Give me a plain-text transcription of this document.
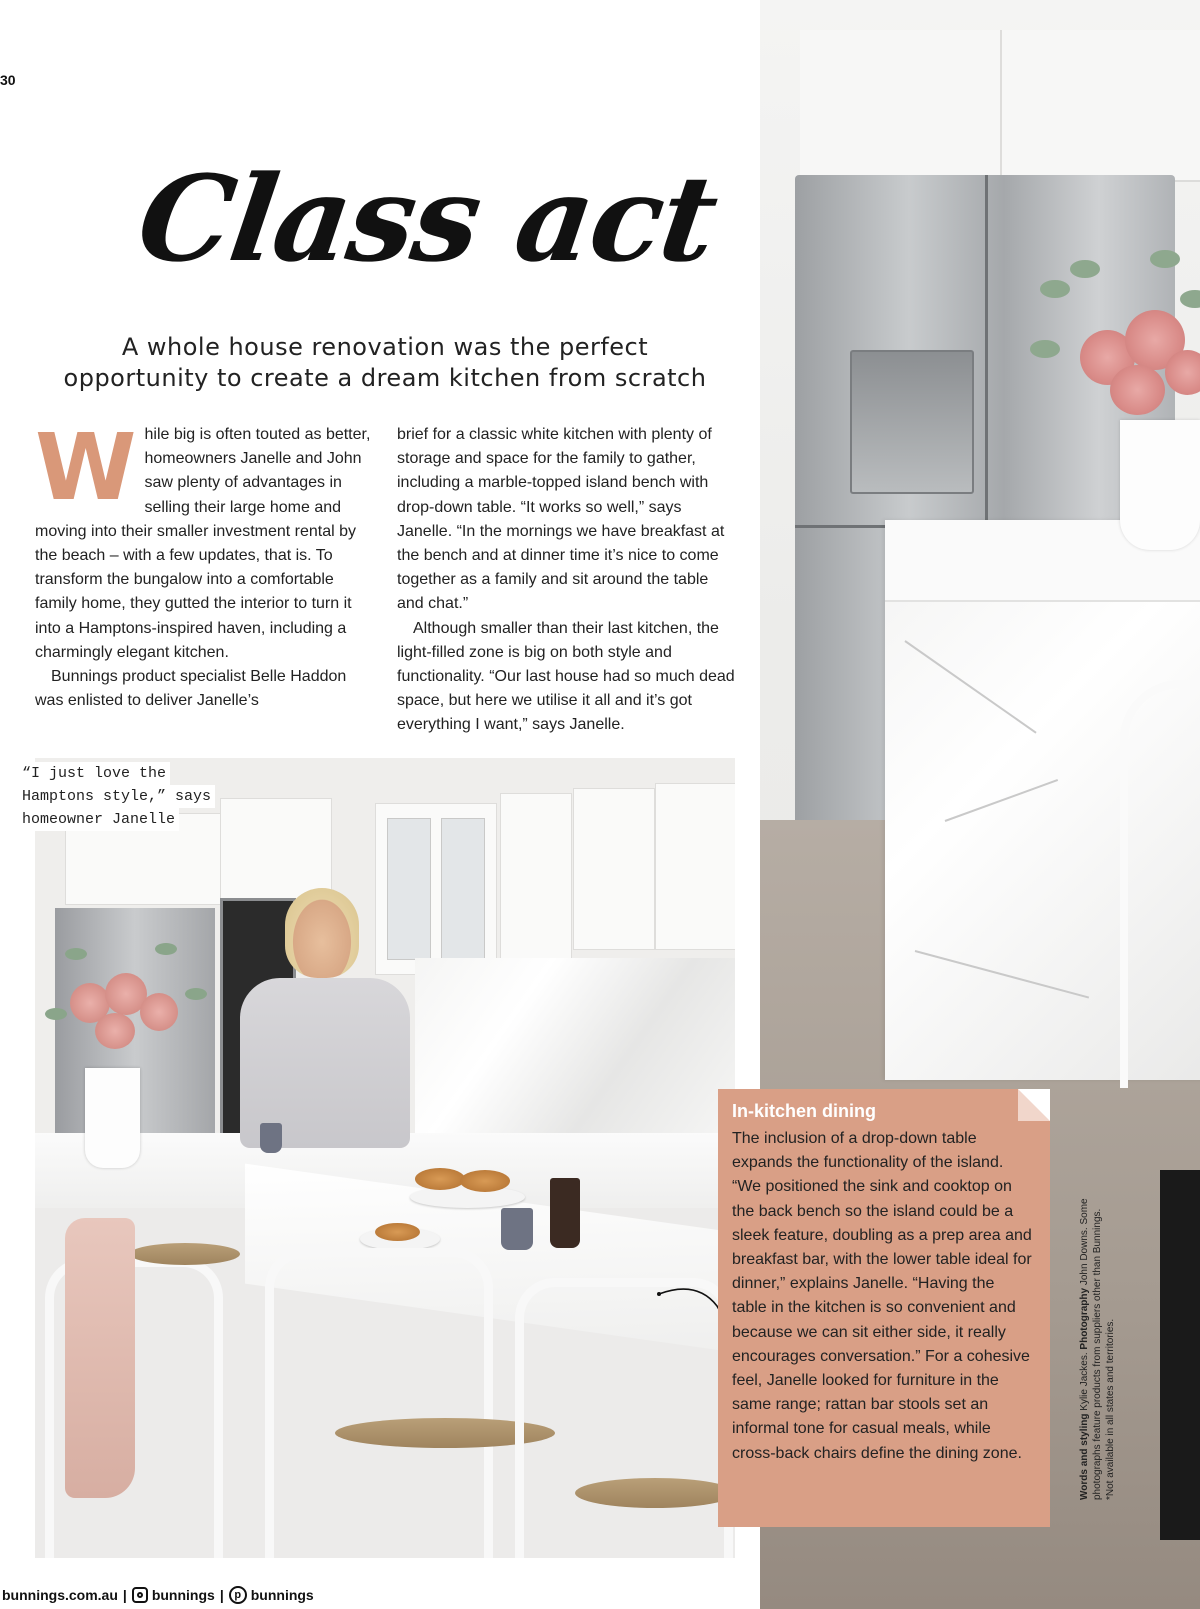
30
Class act
A whole house renovation was the perfect
opportunity to create a dream kitchen from scratch

While big is often touted as better, homeowners Janelle and John saw plenty of advantages in selling their large home and moving into their smaller investment rental by the beach – with a few updates, that is. To transform the bungalow into a comfortable family home, they gutted the interior to turn it into a Hamptons-inspired haven, including a charmingly elegant kitchen.

Bunnings product specialist Belle Haddon was enlisted to deliver Janelle’s

brief for a classic white kitchen with plenty of storage and space for the family to gather, including a marble-topped island bench with drop-down table. “It works so well,” says Janelle. “In the mornings we have breakfast at the bench and at dinner time it’s nice to come together as a family and sit around the table and chat.”

Although smaller than their last kitchen, the light-filled zone is big on both style and functionality. “Our last house had so much dead space, but here we utilise it all and it’s got everything I want,” says Janelle.

Words and styling Kylie Jackes. Photography John Downs. Some photographs feature products from suppliers other than Bunnings. *Not available in all states and territories.
“I just love the
Hamptons style,” says
homeowner Janelle
In-kitchen dining
The inclusion of a drop-down table expands the functionality of the island. “We positioned the sink and cooktop on the back bench so the island could be a sleek feature, doubling as a prep area and breakfast bar, with the lower table ideal for dinner,” explains Janelle. “Having the table in the kitchen is so convenient and because we can sit either side, it really encourages conversation.” For a cohesive feel, Janelle looked for furniture in the same range; rattan bar stools set an informal tone for casual meals, while cross-back chairs define the dining zone.
bunnings.com.au | bunnings | p bunnings
